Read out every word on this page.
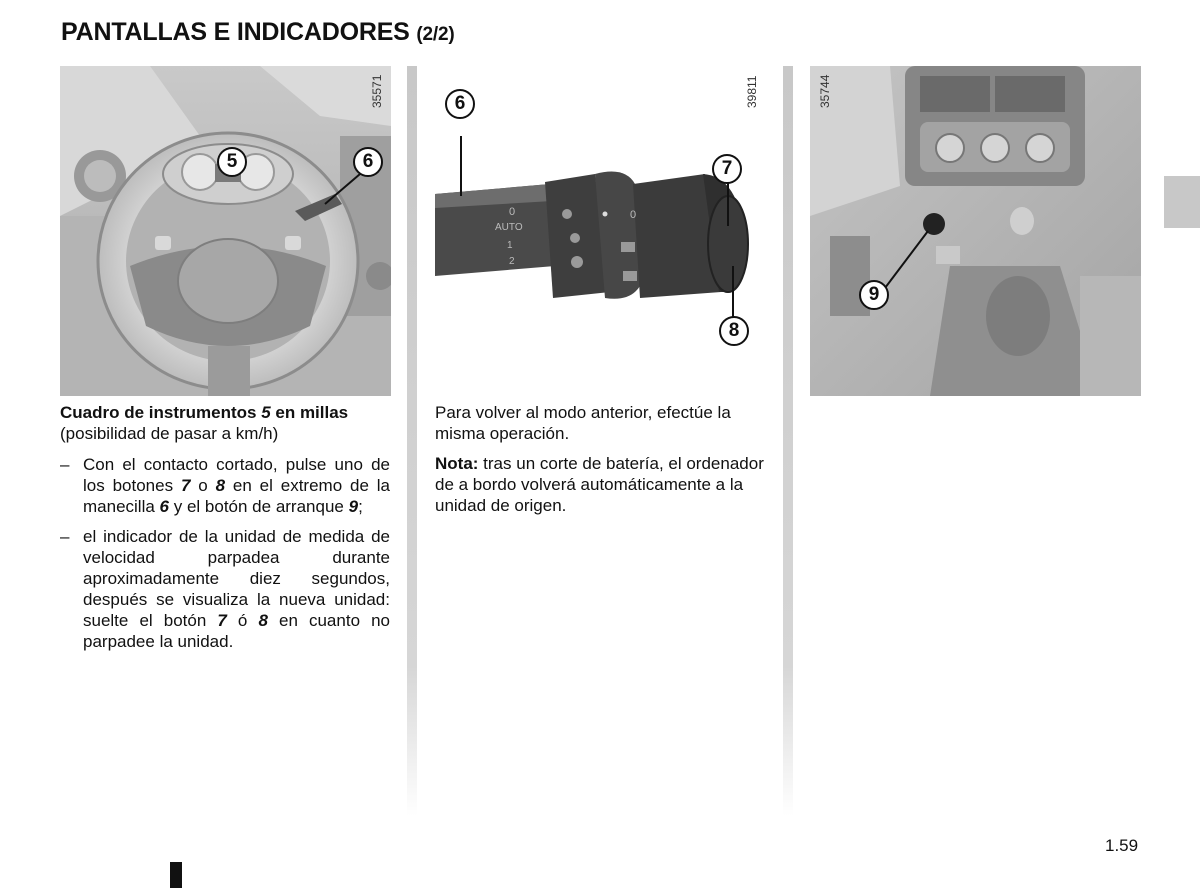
PANTALLAS E INDICADORES (2/2)
35571
5	6
39811
AUTO
0
1
2
0
6
7
8
35744
9

Cuadro de instrumentos 5 en millas

(posibilidad de pasar a km/h)

– Con el contacto cortado, pulse uno de los botones 7 o 8 en el extremo de la manecilla 6 y el botón de arranque 9;
– el indicador de la unidad de medida de velocidad parpadea durante aproximadamente diez segundos, después se visualiza la nueva unidad: suelte el botón 7 ó 8 en cuanto no parpadee la unidad.

Para volver al modo anterior, efectúe la misma operación.

Nota: tras un corte de batería, el ordenador de a bordo volverá automáticamente a la unidad de origen.

1.59
